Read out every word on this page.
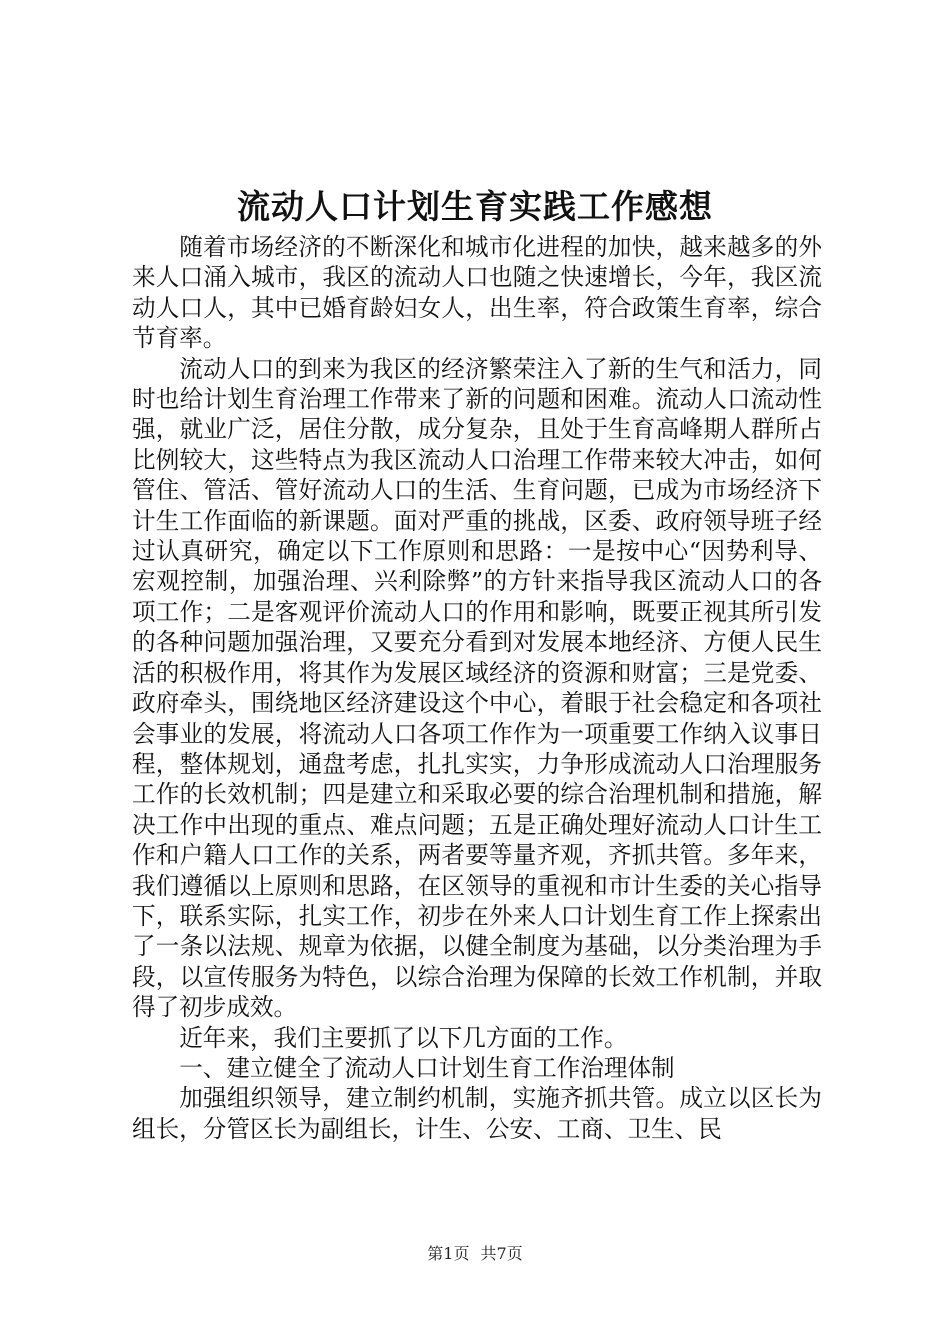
流动人口计划生育实践工作感想

随着市场经济的不断深化和城市化进程的加快，越来越多的外来人口涌入城市，我区的流动人口也随之快速增长，今年，我区流动人口人，其中已婚育龄妇女人，出生率，符合政策生育率，综合节育率。

流动人口的到来为我区的经济繁荣注入了新的生气和活力，同时也给计划生育治理工作带来了新的问题和困难。流动人口流动性强，就业广泛，居住分散，成分复杂，且处于生育高峰期人群所占比例较大，这些特点为我区流动人口治理工作带来较大冲击，如何管住、管活、管好流动人口的生活、生育问题，已成为市场经济下计生工作面临的新课题。面对严重的挑战，区委、政府领导班子经过认真研究，确定以下工作原则和思路：一是按中心“因势利导、宏观控制，加强治理、兴利除弊”的方针来指导我区流动人口的各项工作；二是客观评价流动人口的作用和影响，既要正视其所引发的各种问题加强治理，又要充分看到对发展本地经济、方便人民生活的积极作用，将其作为发展区域经济的资源和财富；三是党委、政府牵头，围绕地区经济建设这个中心，着眼于社会稳定和各项社会事业的发展，将流动人口各项工作作为一项重要工作纳入议事日程，整体规划，通盘考虑，扎扎实实，力争形成流动人口治理服务工作的长效机制；四是建立和采取必要的综合治理机制和措施，解决工作中出现的重点、难点问题；五是正确处理好流动人口计生工作和户籍人口工作的关系，两者要等量齐观，齐抓共管。多年来，我们遵循以上原则和思路，在区领导的重视和市计生委的关心指导下，联系实际，扎实工作，初步在外来人口计划生育工作上探索出了一条以法规、规章为依据，以健全制度为基础，以分类治理为手段，以宣传服务为特色，以综合治理为保障的长效工作机制，并取得了初步成效。

近年来，我们主要抓了以下几方面的工作。

一、建立健全了流动人口计划生育工作治理体制

加强组织领导，建立制约机制，实施齐抓共管。成立以区长为组长，分管区长为副组长，计生、公安、工商、卫生、民

第1页 共7页
